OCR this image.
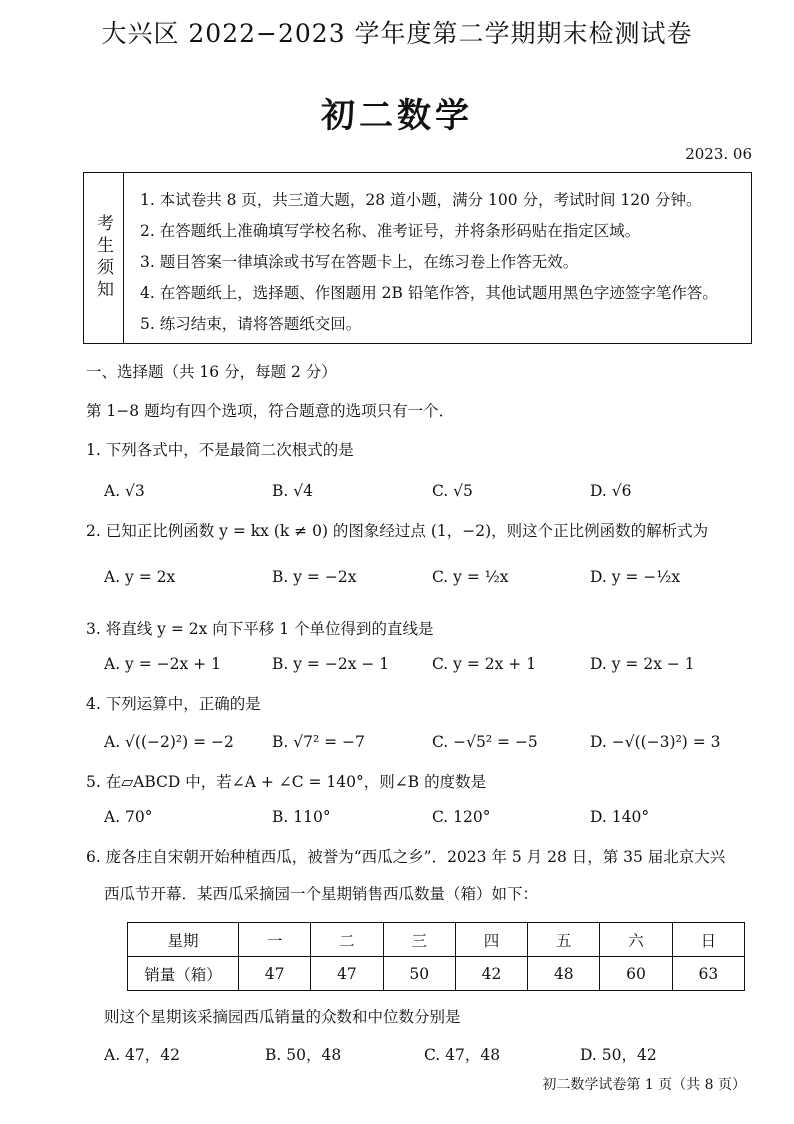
大兴区 2022−2023 学年度第二学期期末检测试卷
初二数学
2023. 06
考生须知
1. 本试卷共 8 页，共三道大题，28 道小题，满分 100 分，考试时间 120 分钟。
2. 在答题纸上准确填写学校名称、准考证号，并将条形码贴在指定区域。
3. 题目答案一律填涂或书写在答题卡上，在练习卷上作答无效。
4. 在答题纸上，选择题、作图题用 2B 铅笔作答，其他试题用黑色字迹签字笔作答。
5. 练习结束，请将答题纸交回。
一、选择题（共 16 分，每题 2 分）
第 1−8 题均有四个选项，符合题意的选项只有一个．
1. 下列各式中，不是最简二次根式的是
A. √3	B. √4	C. √5	D. √6
2. 已知正比例函数 y = kx (k ≠ 0) 的图象经过点 (1，−2)，则这个正比例函数的解析式为
A. y = 2x	B. y = −2x	C. y = ½x	D. y = −½x
3. 将直线 y = 2x 向下平移 1 个单位得到的直线是
A. y = −2x + 1	B. y = −2x − 1	C. y = 2x + 1	D. y = 2x − 1
4. 下列运算中，正确的是
A. √((−2)²) = −2 B. √7² = −7	C. −√5² = −5	D. −√((−3)²) = 3
5. 在▱ABCD 中，若∠A + ∠C = 140°，则∠B 的度数是
A. 70°	B. 110°	C. 120°	D. 140°
6. 庞各庄自宋朝开始种植西瓜，被誉为“西瓜之乡”．2023 年 5 月 28 日，第 35 届北京大兴
西瓜节开幕．某西瓜采摘园一个星期销售西瓜数量（箱）如下：
星期	一	二	三	四	五	六	日
销量（箱）	47	47	50	42	48	60	63
则这个星期该采摘园西瓜销量的众数和中位数分别是
A. 47，42	B. 50，48	C. 47，48	D. 50，42
初二数学试卷第 1 页（共 8 页）
